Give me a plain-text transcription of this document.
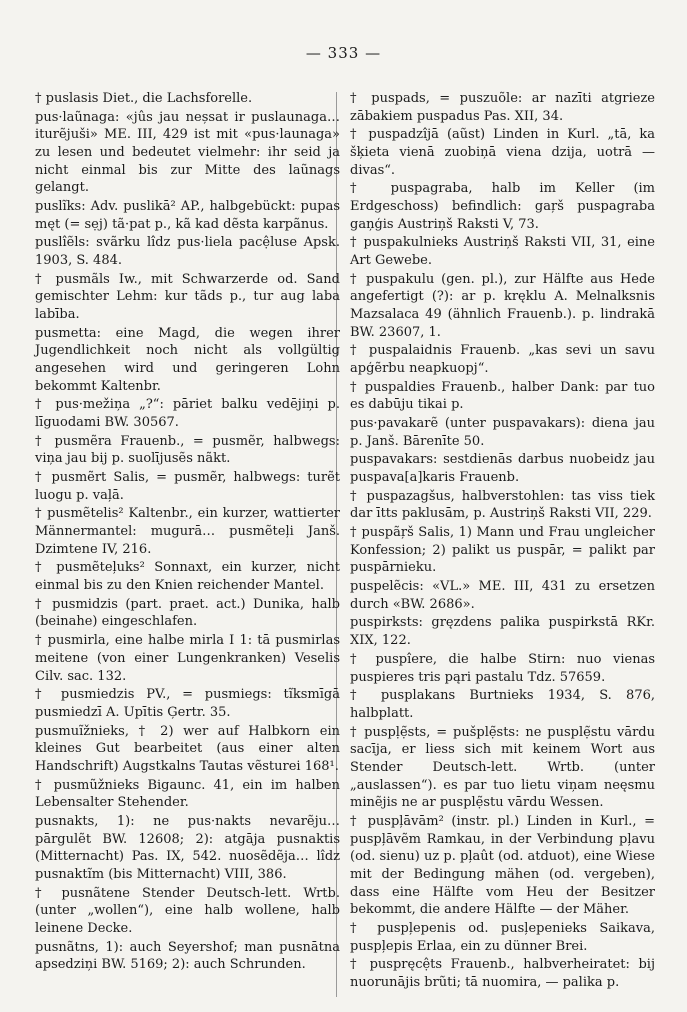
— 333 —
† puslasis Diet., die Lachsforelle.
pus·laũnaga: «jûs jau neșsat ir puslaunaga… iturẽjuši» ME. III, 429 ist mit «pus·launaga» zu lesen und bedeutet vielmehr: ihr seid ja nicht einmal bis zur Mitte des laũnags gelangt.
puslĩks: Adv. puslikā² AP., halbgebückt: pupas męt (= sẹj) tã·pat p., kã kad dẽsta karpãnus.
puslîẽls: svãrku lîdz pus·liela pacệluse Apsk. 1903, S. 484.
† pusmãls Iw., mit Schwarzerde od. Sand gemischter Lehm: kur tãds p., tur aug laba labība.
pusmetta: eine Magd, die wegen ihrer Jugendlichkeit noch nicht als vollgültig angesehen wird und geringeren Lohn bekommt Kaltenbr.
† pus·mežiņa „?“: pāriet balku vedējiņi p. līguodami BW. 30567.
† pusmẽra Frauenb., = pusmẽr, halbwegs: viņa jau bij p. suolījusẽs nãkt.
† pusmẽrt Salis, = pusmẽr, halbwegs: turẽt luogu p. vaļā.
† pusmẽtelis² Kaltenbr., ein kurzer, wattierter Männermantel: mugurā… pusmẽteļi Janš. Dzimtene IV, 216.
† pusmẽteļuks² Sonnaxt, ein kurzer, nicht einmal bis zu den Knien reichender Mantel.
† pusmidzis (part. praet. act.) Dunika, halb (beinahe) eingeschlafen.
† pusmirla, eine halbe mirla I 1: tā pusmirlas meitene (von einer Lungenkranken) Veselis Cilv. sac. 132.
† pusmiedzis PV., = pusmiegs: tĩksmīgā pusmiedzī A. Upītis Ģertr. 35.
pusmuĩžnieks, † 2) wer auf Halbkorn ein kleines Gut bearbeitet (aus einer alten Handschrift) Augstkalns Tautas vẽsturei 168¹.
† pusmũžnieks Bigaunc. 41, ein im halben Lebensalter Stehender.
pusnakts, 1): ne pus·nakts nevarẽju… pārgulẽt BW. 12608; 2): atgāja pusnaktis (Mitternacht) Pas. IX, 542. nuosẽdẽja… lîdz pusnaktĩm (bis Mitternacht) VIII, 386.
† pusnãtene Stender Deutsch-lett. Wrtb. (unter „wollen“), eine halb wollene, halb leinene Decke.
pusnãtns, 1): auch Seyershof; man pusnātna apsedziņi BW. 5169; 2): auch Schrunden.
† puspads, = puszuõle: ar nazīti atgrieze zābakiem puspadus Pas. XII, 34.
† puspadzîjā (aũst) Linden in Kurl. „tā, ka šķieta vienā zuobiņā viena dzija, uotrā — divas“.
† puspagraba, halb im Keller (im Erdgeschoss) befindlich: gaŗš puspagraba gaņģis Austriņš Raksti V, 73.
† puspakulnieks Austriņš Raksti VII, 31, eine Art Gewebe.
† puspakulu (gen. pl.), zur Hälfte aus Hede angefertigt (?): ar p. kręklu A. Melnalksnis Mazsalaca 49 (ähnlich Frauenb.). p. lindrakā BW. 23607, 1.
† puspalaidnis Frauenb. „kas sevi un savu apģẽrbu neapkuopj“.
† puspaldies Frauenb., halber Dank: par tuo es dabūju tikai p.
pus·pavakarẽ (unter puspavakars): diena jau p. Janš. Bārenīte 50.
puspavakars: sestdienās darbus nuobeidz jau puspava[a]karis Frauenb.
† puspazagšus, halbverstohlen: tas viss tiek dar ītts paklusām, p. Austriņš Raksti VII, 229.
† puspãŗš Salis, 1) Mann und Frau ungleicher Konfession; 2) palikt us puspār, = palikt par puspārnieku.
puspelẽcis: «VL.» ME. III, 431 zu ersetzen durch «BW. 2686».
puspirksts: gręzdens palika puspirkstā RKr. XIX, 122.
† puspîere, die halbe Stirn: nuo vienas puspieres tris pąri pastalu Tdz. 57659.
† pusplakans Burtnieks 1934, S. 876, halbplatt.
† puspḷẹ̃sts, = pušplẹ̃sts: ne pusplẹ̃stu vārdu sacīja, er liess sich mit keinem Wort aus Stender Deutsch-lett. Wrtb. (unter „auslassen“). es par tuo lietu viņam neęsmu minẽjis ne ar pusplẹ̃stu vārdu Wessen.
† puspļāvām² (instr. pl.) Linden in Kurl., = puspļāvẽm Ramkau, in der Verbindung pļavu (od. sienu) uz p. pļaût (od. atduot), eine Wiese mit der Bedingung mähen (od. vergeben), dass eine Hälfte vom Heu der Besitzer bekommt, die andere Hälfte — der Mäher.
† puspļepenis od. pusļepenieks Saikava, puspļepis Erlaa, ein zu dünner Brei.
† puspręcệts Frauenb., halbverheiratet: bij nuorunājis brũti; tā nuomira, — palika p.
